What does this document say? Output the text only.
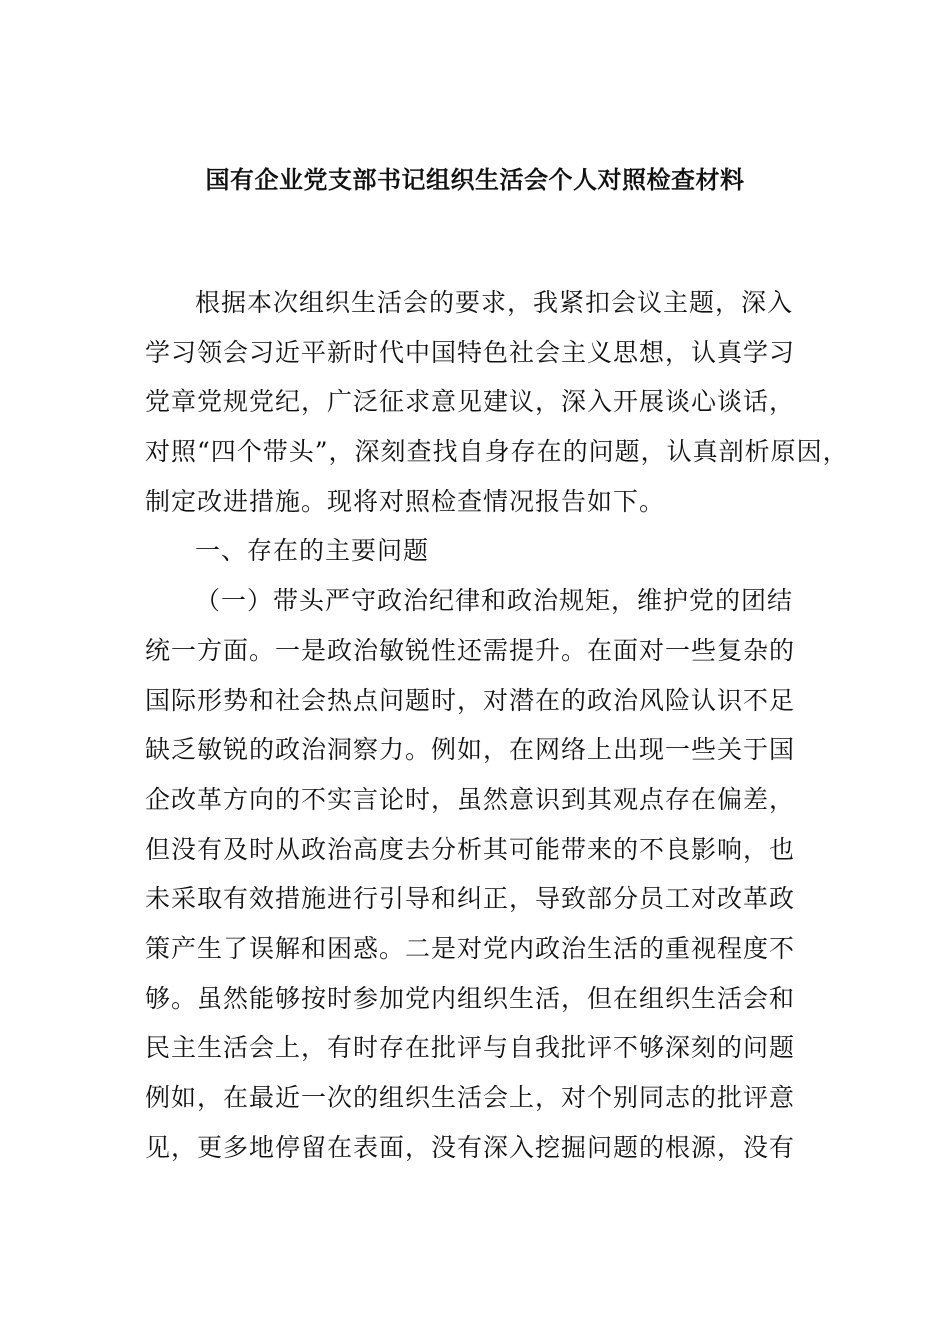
国有企业党支部书记组织生活会个人对照检查材料
根据本次组织生活会的要求，我紧扣会议主题，深入
学习领会习近平新时代中国特色社会主义思想，认真学习
党章党规党纪，广泛征求意见建议，深入开展谈心谈话，
对照“四个带头”，深刻查找自身存在的问题，认真剖析原因，
制定改进措施。现将对照检查情况报告如下。
一、存在的主要问题
（一）带头严守政治纪律和政治规矩，维护党的团结
统一方面。一是政治敏锐性还需提升。在面对一些复杂的
国际形势和社会热点问题时，对潜在的政治风险认识不足
缺乏敏锐的政治洞察力。例如，在网络上出现一些关于国
企改革方向的不实言论时，虽然意识到其观点存在偏差，
但没有及时从政治高度去分析其可能带来的不良影响，也
未采取有效措施进行引导和纠正，导致部分员工对改革政
策产生了误解和困惑。二是对党内政治生活的重视程度不
够。虽然能够按时参加党内组织生活，但在组织生活会和
民主生活会上，有时存在批评与自我批评不够深刻的问题
例如，在最近一次的组织生活会上，对个别同志的批评意
见，更多地停留在表面，没有深入挖掘问题的根源，没有
